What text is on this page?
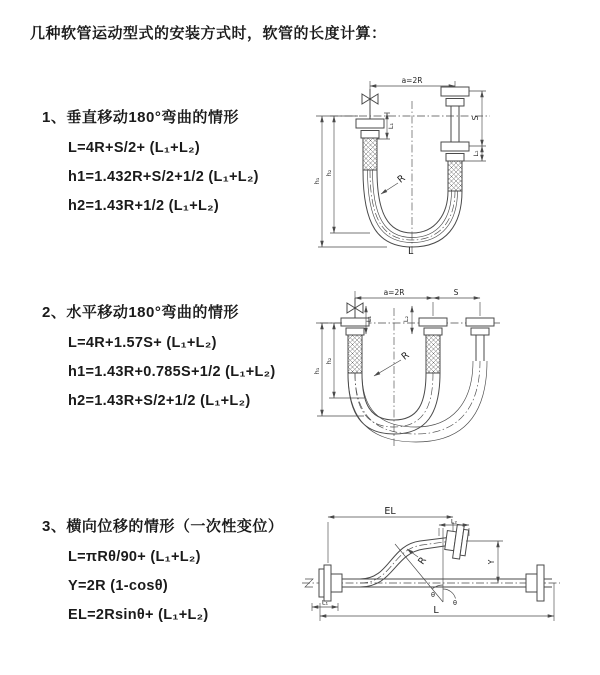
几种软管运动型式的安装方式时，软管的长度计算：
1、垂直移动180°弯曲的情形
L=4R+S/2+ (L₁+L₂)
h1=1.432R+S/2+1/2 (L₁+L₂)
h2=1.43R+1/2 (L₁+L₂)
2、水平移动180°弯曲的情形
L=4R+1.57S+ (L₁+L₂)
h1=1.43R+0.785S+1/2 (L₁+L₂)
h2=1.43R+S/2+1/2 (L₁+L₂)
3、横向位移的情形（一次性变位）
L=πRθ/90+ (L₁+L₂)
Y=2R (1-cosθ)
EL=2Rsinθ+ (L₁+L₂)
a=2R
S
L₂
L₁
h₂
h₁	R
L
a=2R	S
L₁	L₂
h₂
h₁
R
θ
θ
R
EL
L₂
Y
L₁
L
